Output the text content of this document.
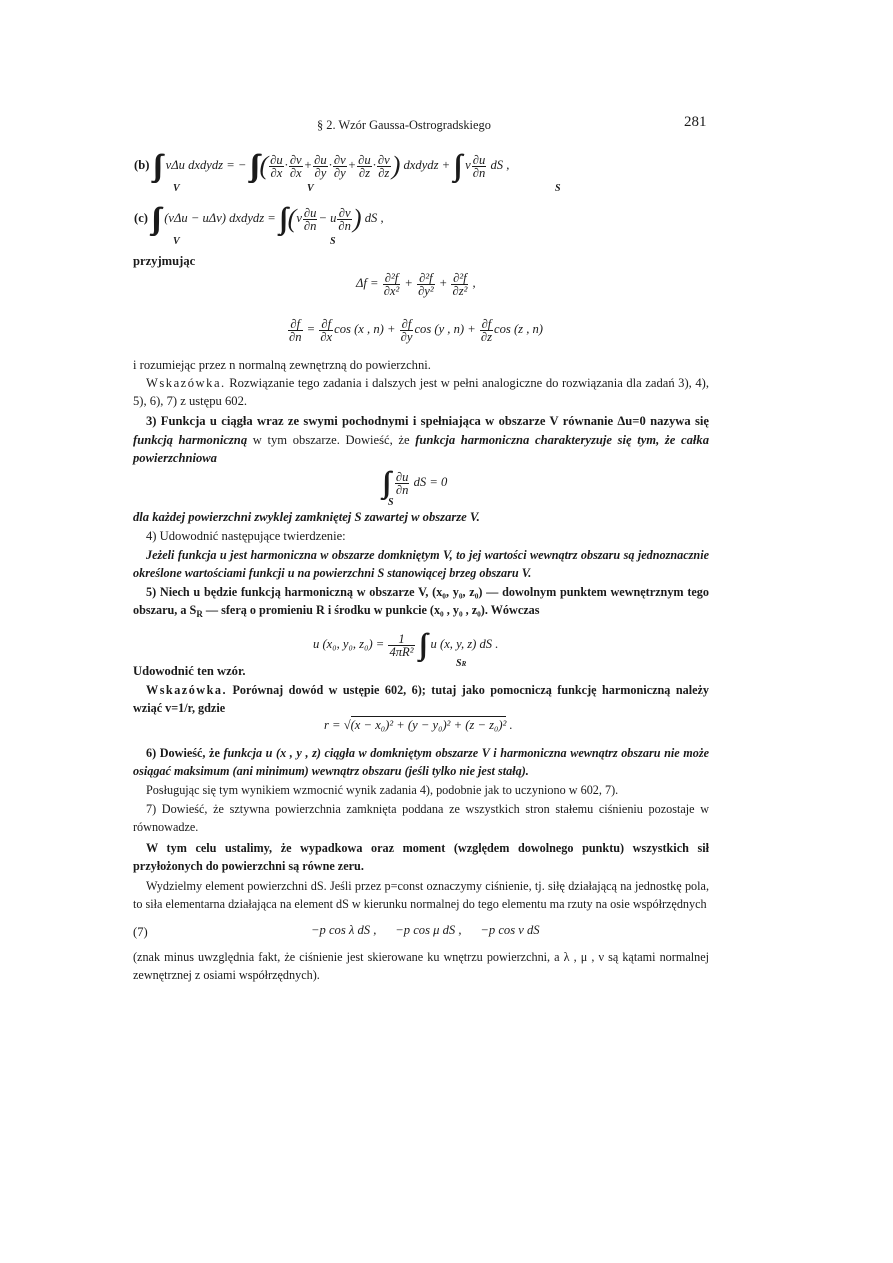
§ 2. Wzór Gaussa-Ostrogradskiego	281
(b) ∫∫∫   vΔu dxdydz = − ∫∫∫ ( $\frac{\partial u}{\partial x} \cdot \frac{\partial v}{\partial x} + \frac{\partial u}{\partial y} \cdot \frac{\partial v}{\partial y} + \frac{\partial u}{\partial z} \cdot \frac{\partial v}{\partial z}$ ) dxdydz + ∫∫   v $\frac{\partial u}{\partial n}$ dS ,
V	V	S
(c) ∫∫∫   (vΔu − uΔv) dxdydz = ∫∫ ($v \frac{\partial u}{\partial n} - u \frac{\partial v}{\partial n}$ ) dS ,
V	S
przyjmując
$\Delta f = \frac{\text{∂²f}}{\text{∂x²}} + \frac{\text{∂²f}}{\text{∂y²}} + \frac{\text{∂²f}}{\text{∂z²}}$ ,
$\frac{\partial f}{\partial n} = \frac{\partial f}{\partial x}$ cos (x , $n) + \frac{\partial f}{\partial y}$ cos (y , $n) + \frac{\partial f}{\partial z}$ cos (z , n)
i rozumiejąc przez n normalną zewnętrzną do powierzchni.
Wskazówka. Rozwiązanie tego zadania i dalszych jest w pełni analogiczne do rozwiązania dla zadań 3), 4), 5), 6), 7) z ustępu 602.
3) Funkcja u ciągła wraz ze swymi pochodnymi i spełniająca w obszarze V równanie Δu=0 nazywa się funkcją harmoniczną w tym obszarze. Dowieść, że funkcja harmoniczna charakteryzuje się tym, że całka powierzchniowa
∫∫ $\frac{\partial u}{\partial n}$ dS = 0
S
dla każdej powierzchni zwyklej zamkniętej S zawartej w obszarze V.
4) Udowodnić następujące twierdzenie:
Jeżeli funkcja u jest harmoniczna w obszarze domkniętym V, to jej wartości wewnątrz obszaru są jednoznacznie określone wartościami funkcji u na powierzchni S stanowiącej brzeg obszaru V.
5) Niech u będzie funkcją harmoniczną w obszarze V, (x₀, y₀, z₀) — dowolnym punktem wewnętrznym tego obszaru, a $S_R$ — sferą o promieniu R i środku w punkcie (x₀ , y₀ , z₀). Wówczas
u (x₀, y₀, $z_0) = \frac{1}{\text{4πR²}}$ ∫∫   u (x, y, z) dS .
SR
Udowodnić ten wzór.
Wskazówka. Porównaj dowód w ustępie 602, 6); tutaj jako pomocniczą funkcję harmoniczną należy wziąć v=1/r, gdzie
r = √(x − x₀)² + (y − y₀)² + (z − z₀)² .
6) Dowieść, że funkcja u (x , y , z) ciągła w domkniętym obszarze V i harmoniczna wewnątrz obszaru nie może osiągać maksimum (ani minimum) wewnątrz obszaru (jeśli tylko nie jest stałą).
Posługując się tym wynikiem wzmocnić wynik zadania 4), podobnie jak to uczyniono w 602, 7).
7) Dowieść, że sztywna powierzchnia zamknięta poddana ze wszystkich stron stałemu ciśnieniu pozostaje w równowadze.
W tym celu ustalimy, że wypadkowa oraz moment (względem dowolnego punktu) wszystkich sił przyłożonych do powierzchni są równe zeru.
Wydzielmy element powierzchni dS. Jeśli przez p=const oznaczymy ciśnienie, tj. siłę działającą na jednostkę pola, to siła elementarna działająca na element dS w kierunku normalnej do tego elementu ma rzuty na osie współrzędnych
(7)	−p cos λ dS ,      −p cos μ dS ,      −p cos ν dS
(znak minus uwzględnia fakt, że ciśnienie jest skierowane ku wnętrzu powierzchni, a λ , μ , ν są kątami normalnej zewnętrznej z osiami współrzędnych).
